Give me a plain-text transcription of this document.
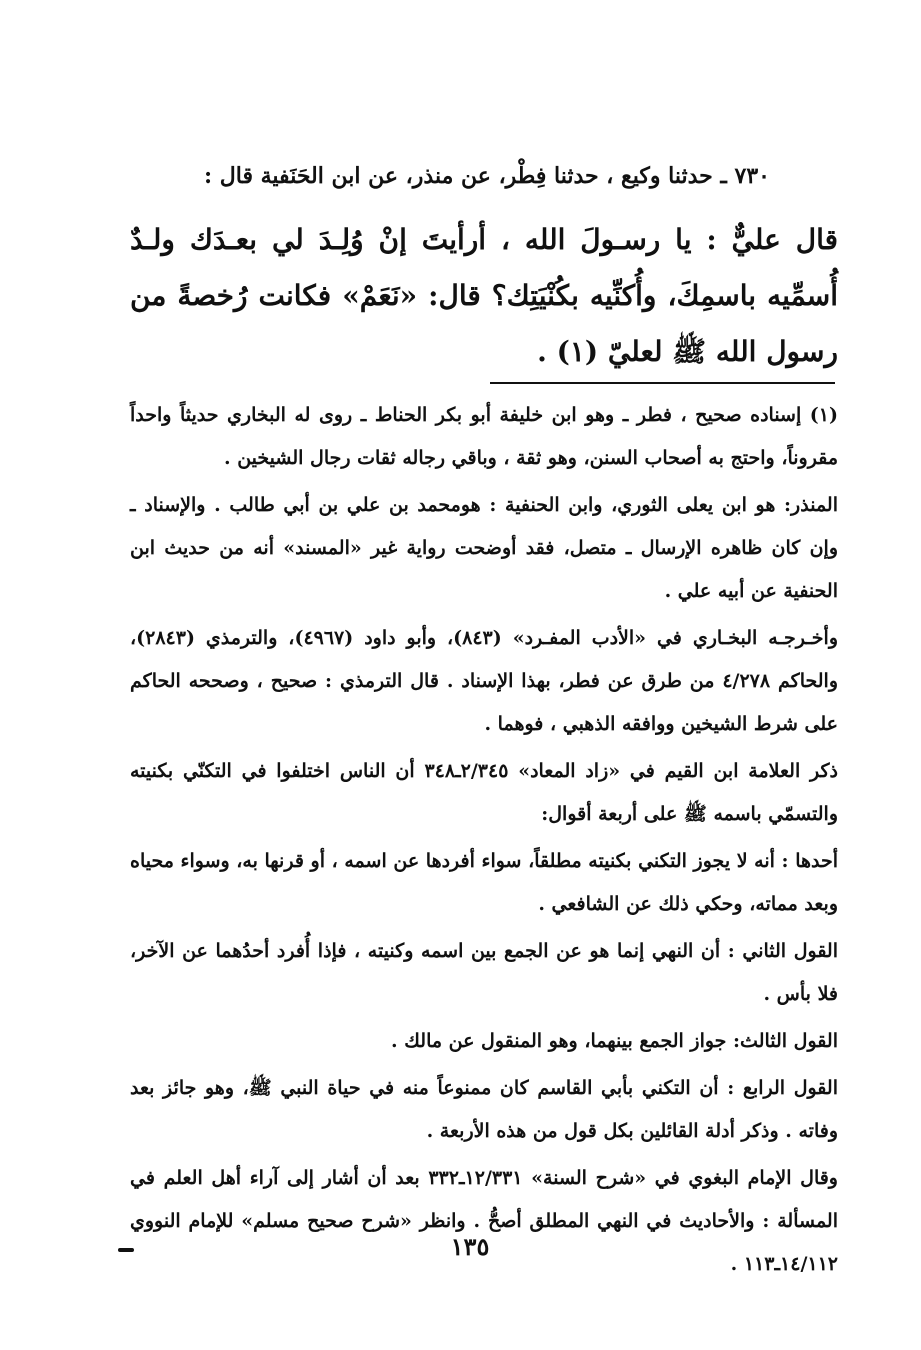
٧٣٠ ـ حدثنا وكيع ، حدثنا فِطْر، عن منذر، عن ابن الحَنَفية قال :
قال عليٌّ : يا رسـولَ الله ، أرأيتَ إنْ وُلِـدَ لي بعـدَك ولـدٌ أُسمِّيه باسمِكَ، وأُكنِّيه بكُنْيَتِك؟ قال: «نَعَمْ» فكانت رُخصةً من رسول الله ﷺ لعليّ (١) .

(١) إسناده صحيح ، فطر ـ وهو ابن خليفة أبو بكر الحناط ـ روى له البخاري حديثاً واحداً مقروناً، واحتج به أصحاب السنن، وهو ثقة ، وباقي رجاله ثقات رجال الشيخين .

المنذر: هو ابن يعلى الثوري، وابن الحنفية : هومحمد بن علي بن أبي طالب . والإسناد ـ وإن كان ظاهره الإرسال ـ متصل، فقد أوضحت رواية غير «المسند» أنه من حديث ابن الحنفية عن أبيه علي .

وأخـرجـه البخـاري في «الأدب المفـرد» (٨٤٣)، وأبو داود (٤٩٦٧)، والترمذي (٢٨٤٣)، والحاكم ٤/٢٧٨ من طرق عن فطر، بهذا الإسناد . قال الترمذي : صحيح ، وصححه الحاكم على شرط الشيخين ووافقه الذهبي ، فوهما .

ذكر العلامة ابن القيم في «زاد المعاد» ٢/٣٤٥ـ٣٤٨ أن الناس اختلفوا في التكنّي بكنيته والتسمّي باسمه ﷺ على أربعة أقوال:

أحدها : أنه لا يجوز التكني بكنيته مطلقاً، سواء أفردها عن اسمه ، أو قرنها به، وسواء محياه وبعد مماته، وحكي ذلك عن الشافعي .

القول الثاني : أن النهي إنما هو عن الجمع بين اسمه وكنيته ، فإذا أُفرد أحدُهما عن الآخر، فلا بأس .

القول الثالث: جواز الجمع بينهما، وهو المنقول عن مالك .

القول الرابع : أن التكني بأبي القاسم كان ممنوعاً منه في حياة النبي ﷺ، وهو جائز بعد وفاته . وذكر أدلة القائلين بكل قول من هذه الأربعة .

وقال الإمام البغوي في «شرح السنة» ١٢/٣٣١ـ٣٣٢ بعد أن أشار إلى آراء أهل العلم في المسألة : والأحاديث في النهي المطلق أصحُّ . وانظر «شرح صحيح مسلم» للإمام النووي ١٤/١١٢ـ١١٣ .

١٣٥
